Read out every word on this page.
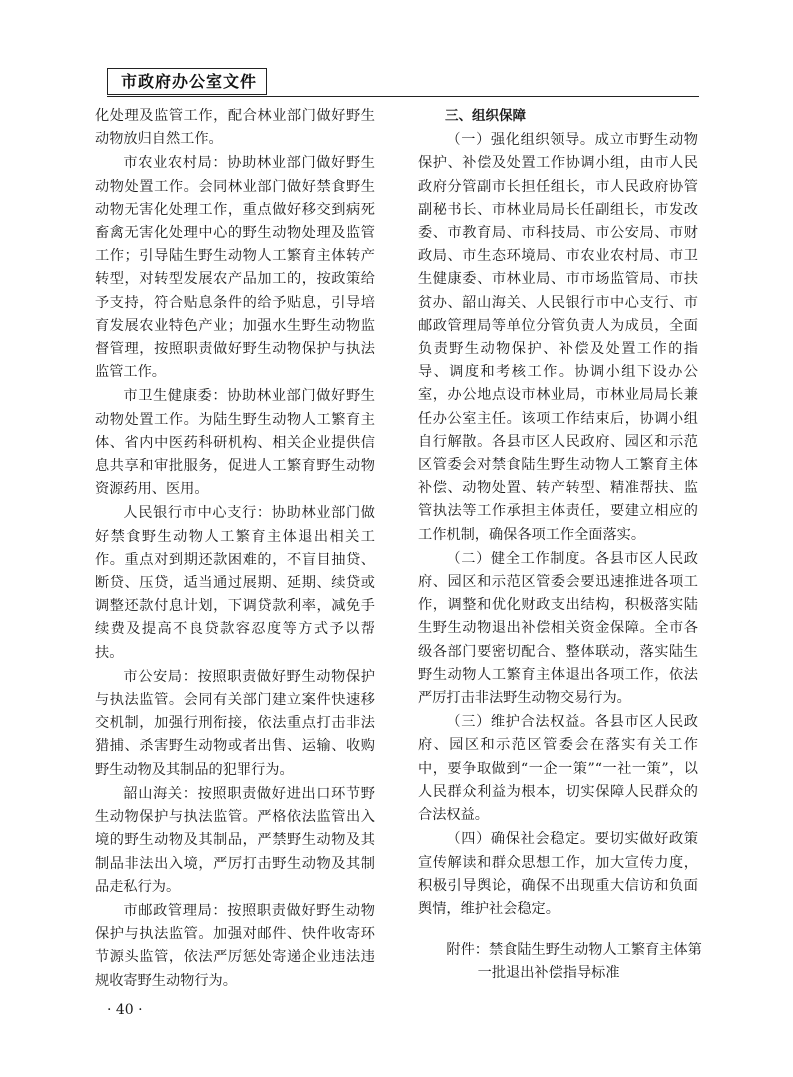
市政府办公室文件

化处理及监管工作，配合林业部门做好野生动物放归自然工作。

市农业农村局：协助林业部门做好野生动物处置工作。会同林业部门做好禁食野生动物无害化处理工作，重点做好移交到病死畜禽无害化处理中心的野生动物处理及监管工作；引导陆生野生动物人工繁育主体转产转型，对转型发展农产品加工的，按政策给予支持，符合贴息条件的给予贴息，引导培育发展农业特色产业；加强水生野生动物监督管理，按照职责做好野生动物保护与执法监管工作。

市卫生健康委：协助林业部门做好野生动物处置工作。为陆生野生动物人工繁育主体、省内中医药科研机构、相关企业提供信息共享和审批服务，促进人工繁育野生动物资源药用、医用。

人民银行市中心支行：协助林业部门做好禁食野生动物人工繁育主体退出相关工作。重点对到期还款困难的，不盲目抽贷、断贷、压贷，适当通过展期、延期、续贷或调整还款付息计划，下调贷款利率，减免手续费及提高不良贷款容忍度等方式予以帮扶。

市公安局：按照职责做好野生动物保护与执法监管。会同有关部门建立案件快速移交机制，加强行刑衔接，依法重点打击非法猎捕、杀害野生动物或者出售、运输、收购野生动物及其制品的犯罪行为。

韶山海关：按照职责做好进出口环节野生动物保护与执法监管。严格依法监管出入境的野生动物及其制品，严禁野生动物及其制品非法出入境，严厉打击野生动物及其制品走私行为。

市邮政管理局：按照职责做好野生动物保护与执法监管。加强对邮件、快件收寄环节源头监管，依法严厉惩处寄递企业违法违规收寄野生动物行为。

三、组织保障

（一）强化组织领导。成立市野生动物保护、补偿及处置工作协调小组，由市人民政府分管副市长担任组长，市人民政府协管副秘书长、市林业局局长任副组长，市发改委、市教育局、市科技局、市公安局、市财政局、市生态环境局、市农业农村局、市卫生健康委、市林业局、市市场监管局、市扶贫办、韶山海关、人民银行市中心支行、市邮政管理局等单位分管负责人为成员，全面负责野生动物保护、补偿及处置工作的指导、调度和考核工作。协调小组下设办公室，办公地点设市林业局，市林业局局长兼任办公室主任。该项工作结束后，协调小组自行解散。各县市区人民政府、园区和示范区管委会对禁食陆生野生动物人工繁育主体补偿、动物处置、转产转型、精准帮扶、监管执法等工作承担主体责任，要建立相应的工作机制，确保各项工作全面落实。

（二）健全工作制度。各县市区人民政府、园区和示范区管委会要迅速推进各项工作，调整和优化财政支出结构，积极落实陆生野生动物退出补偿相关资金保障。全市各级各部门要密切配合、整体联动，落实陆生野生动物人工繁育主体退出各项工作，依法严厉打击非法野生动物交易行为。

（三）维护合法权益。各县市区人民政府、园区和示范区管委会在落实有关工作中，要争取做到“一企一策”“一社一策”，以人民群众利益为根本，切实保障人民群众的合法权益。

（四）确保社会稳定。要切实做好政策宣传解读和群众思想工作，加大宣传力度，积极引导舆论，确保不出现重大信访和负面舆情，维护社会稳定。

附件：禁食陆生野生动物人工繁育主体第
一批退出补偿指导标准

· 40 ·
